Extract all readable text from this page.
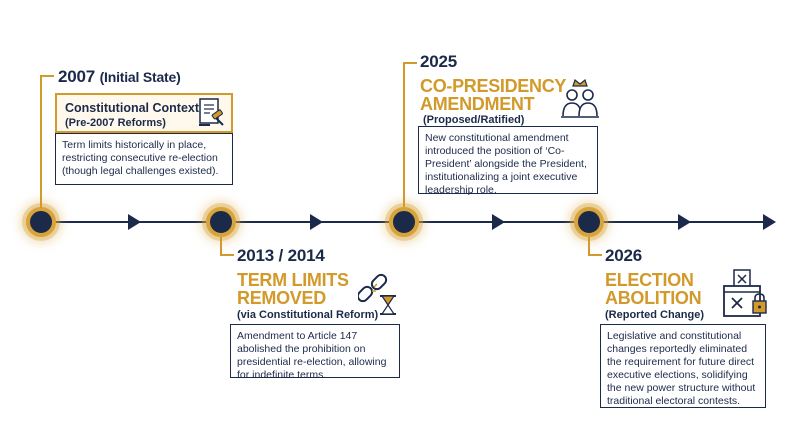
2007 (Initial State)
Constitutional Context
(Pre-2007 Reforms)
Term limits historically in place, restricting consecutive re-election (though legal challenges existed).
2013 / 2014
TERM LIMITS
REMOVED
(via Constitutional Reform)
Amendment to Article 147 abolished the prohibition on presidential re-election, allowing for indefinite terms.
2025
CO-PRESIDENCY
AMENDMENT
(Proposed/Ratified)
New constitutional amendment introduced the position of ‘Co-President’ alongside the President, institutionalizing a joint executive leadership role.
2026
ELECTION
ABOLITION
(Reported Change)
Legislative and constitutional changes reportedly eliminated the requirement for future direct executive elections, solidifying the new power structure without traditional electoral contests.
